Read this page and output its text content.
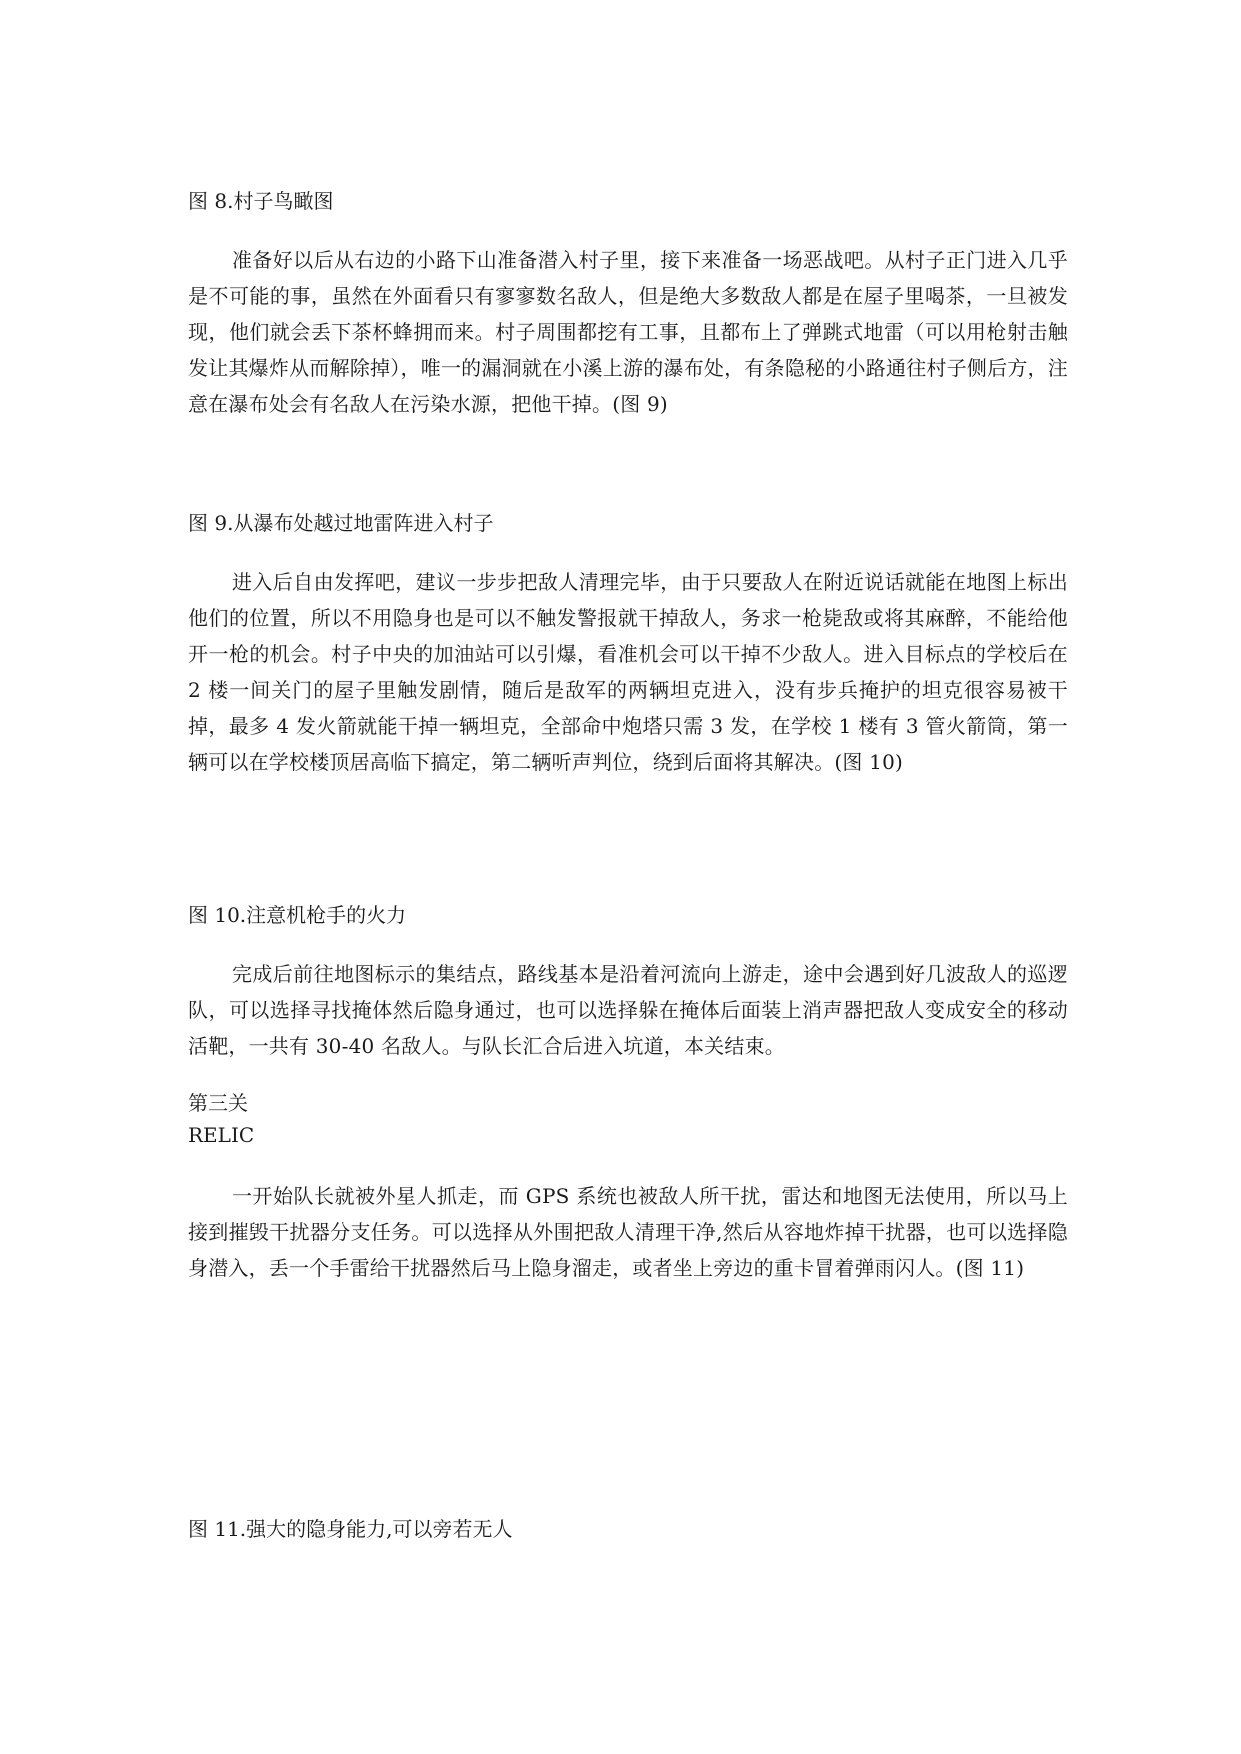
图 8.村子鸟瞰图

准备好以后从右边的小路下山准备潜入村子里，接下来准备一场恶战吧。从村子正门进入几乎是不可能的事，虽然在外面看只有寥寥数名敌人，但是绝大多数敌人都是在屋子里喝茶，一旦被发现，他们就会丢下茶杯蜂拥而来。村子周围都挖有工事，且都布上了弹跳式地雷（可以用枪射击触发让其爆炸从而解除掉），唯一的漏洞就在小溪上游的瀑布处，有条隐秘的小路通往村子侧后方，注意在瀑布处会有名敌人在污染水源，把他干掉。(图 9)

图 9.从瀑布处越过地雷阵进入村子

进入后自由发挥吧，建议一步步把敌人清理完毕，由于只要敌人在附近说话就能在地图上标出他们的位置，所以不用隐身也是可以不触发警报就干掉敌人，务求一枪毙敌或将其麻醉，不能给他开一枪的机会。村子中央的加油站可以引爆，看准机会可以干掉不少敌人。进入目标点的学校后在 2 楼一间关门的屋子里触发剧情，随后是敌军的两辆坦克进入，没有步兵掩护的坦克很容易被干掉，最多 4 发火箭就能干掉一辆坦克，全部命中炮塔只需 3 发，在学校 1 楼有 3 管火箭筒，第一辆可以在学校楼顶居高临下搞定，第二辆听声判位，绕到后面将其解决。(图 10)

图 10.注意机枪手的火力

完成后前往地图标示的集结点，路线基本是沿着河流向上游走，途中会遇到好几波敌人的巡逻队，可以选择寻找掩体然后隐身通过，也可以选择躲在掩体后面装上消声器把敌人变成安全的移动活靶，一共有 30-40 名敌人。与队长汇合后进入坑道，本关结束。

第三关
RELIC

一开始队长就被外星人抓走，而 GPS 系统也被敌人所干扰，雷达和地图无法使用，所以马上接到摧毁干扰器分支任务。可以选择从外围把敌人清理干净,然后从容地炸掉干扰器，也可以选择隐身潜入，丢一个手雷给干扰器然后马上隐身溜走，或者坐上旁边的重卡冒着弹雨闪人。(图 11)

图 11.强大的隐身能力,可以旁若无人
